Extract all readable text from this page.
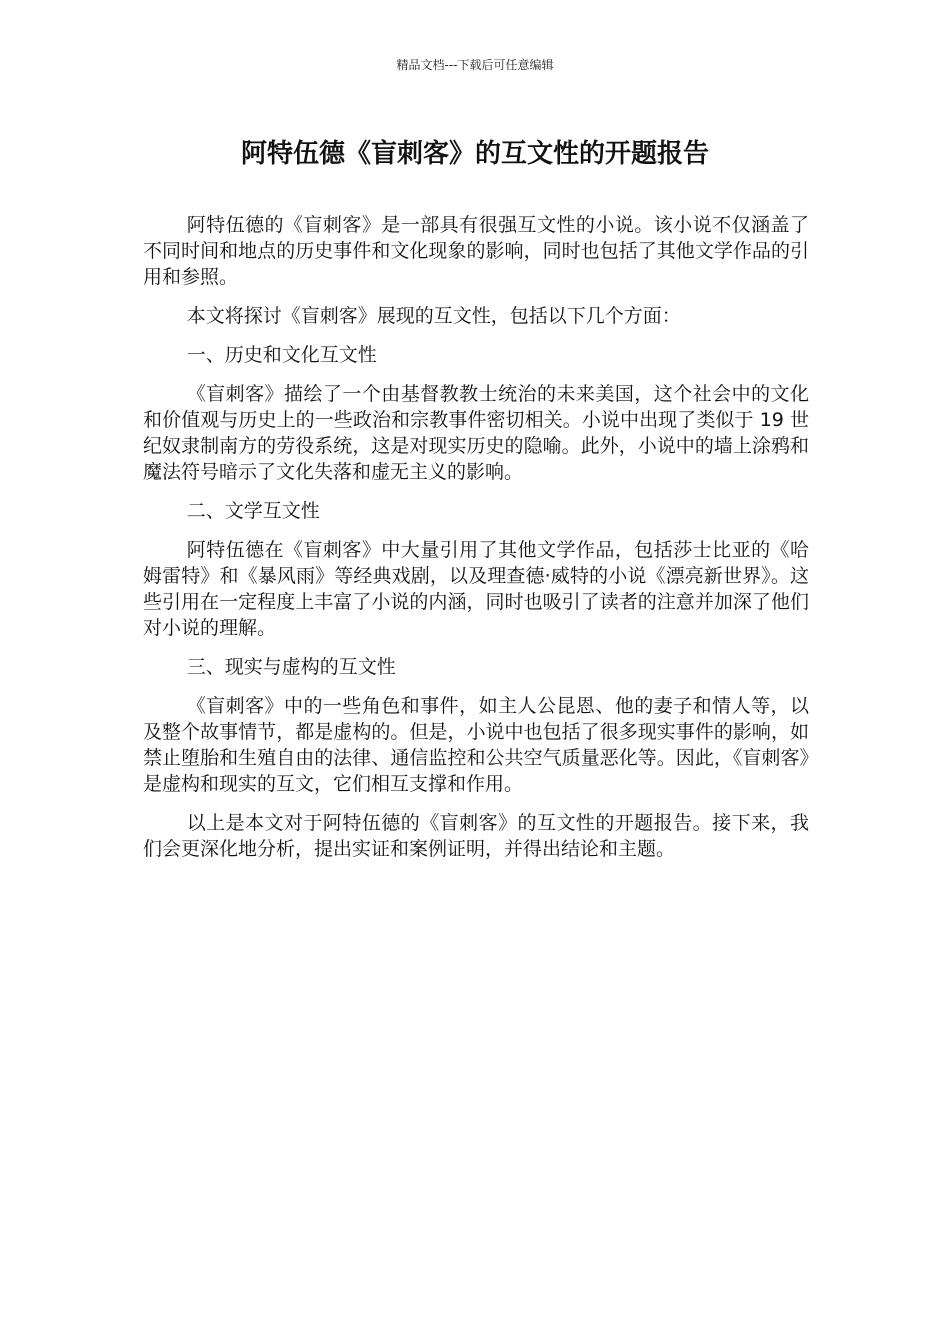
精品文档---下载后可任意编辑
阿特伍德《盲刺客》的互文性的开题报告

阿特伍德的《盲刺客》是一部具有很强互文性的小说。该小说不仅涵盖了不同时间和地点的历史事件和文化现象的影响，同时也包括了其他文学作品的引用和参照。

本文将探讨《盲刺客》展现的互文性，包括以下几个方面：

一、历史和文化互文性

《盲刺客》描绘了一个由基督教教士统治的未来美国，这个社会中的文化和价值观与历史上的一些政治和宗教事件密切相关。小说中出现了类似于 19 世纪奴隶制南方的劳役系统，这是对现实历史的隐喻。此外，小说中的墙上涂鸦和魔法符号暗示了文化失落和虚无主义的影响。

二、文学互文性

阿特伍德在《盲刺客》中大量引用了其他文学作品，包括莎士比亚的《哈姆雷特》和《暴风雨》等经典戏剧，以及理查德·威特的小说《漂亮新世界》。这些引用在一定程度上丰富了小说的内涵，同时也吸引了读者的注意并加深了他们对小说的理解。

三、现实与虚构的互文性

《盲刺客》中的一些角色和事件，如主人公昆恩、他的妻子和情人等，以及整个故事情节，都是虚构的。但是，小说中也包括了很多现实事件的影响，如禁止堕胎和生殖自由的法律、通信监控和公共空气质量恶化等。因此，《盲刺客》是虚构和现实的互文，它们相互支撑和作用。

以上是本文对于阿特伍德的《盲刺客》的互文性的开题报告。接下来，我们会更深化地分析，提出实证和案例证明，并得出结论和主题。
